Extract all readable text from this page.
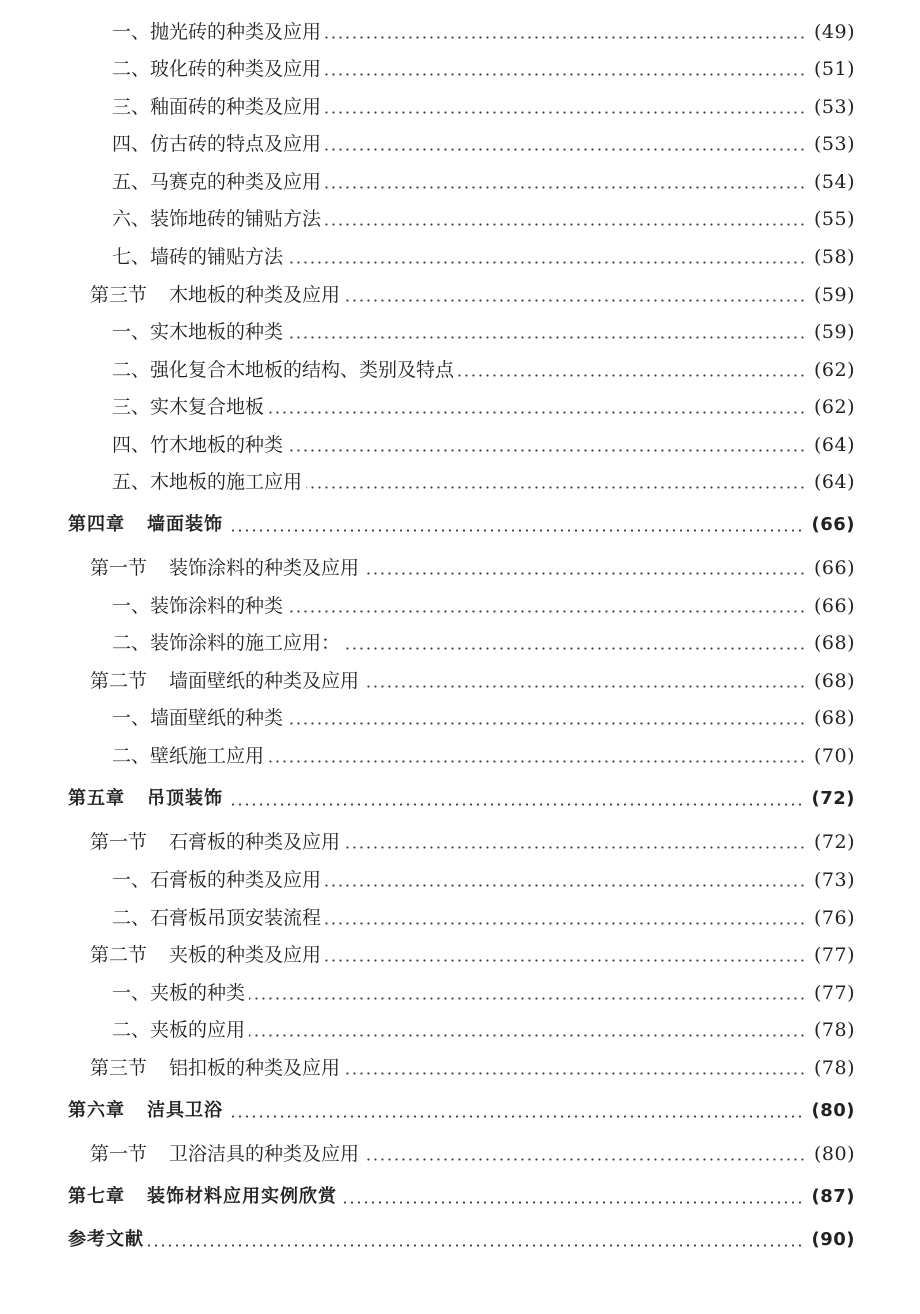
一、抛光砖的种类及应用	(49)
二、玻化砖的种类及应用	(51)
三、釉面砖的种类及应用	(53)
四、仿古砖的特点及应用	(53)
五、马赛克的种类及应用	(54)
六、装饰地砖的铺贴方法	(55)
七、墙砖的铺贴方法	(58)
第三节 木地板的种类及应用	(59)
一、实木地板的种类	(59)
二、强化复合木地板的结构、类别及特点	(62)
三、实木复合地板	(62)
四、竹木地板的种类	(64)
五、木地板的施工应用	(64)
第四章 墙面装饰	(66)
第一节 装饰涂料的种类及应用	(66)
一、装饰涂料的种类	(66)
二、装饰涂料的施工应用：	(68)
第二节 墙面壁纸的种类及应用	(68)
一、墙面壁纸的种类	(68)
二、壁纸施工应用	(70)
第五章 吊顶装饰	(72)
第一节 石膏板的种类及应用	(72)
一、石膏板的种类及应用	(73)
二、石膏板吊顶安装流程	(76)
第二节 夹板的种类及应用	(77)
一、夹板的种类	(77)
二、夹板的应用	(78)
第三节 铝扣板的种类及应用	(78)
第六章 洁具卫浴	(80)
第一节 卫浴洁具的种类及应用	(80)
第七章 装饰材料应用实例欣赏	(87)
参考文献	(90)
